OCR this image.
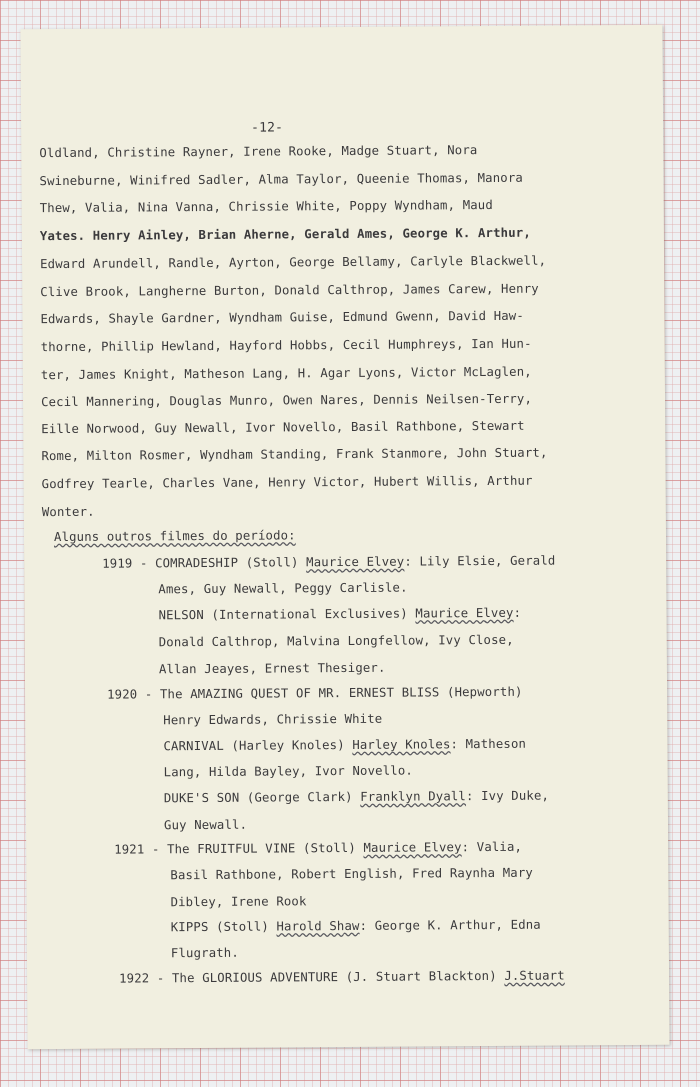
-12-
Oldland, Christine Rayner, Irene Rooke, Madge Stuart, Nora
Swineburne, Winifred Sadler, Alma Taylor, Queenie Thomas, Manora
Thew, Valia, Nina Vanna, Chrissie White, Poppy Wyndham, Maud
Yates. Henry Ainley, Brian Aherne, Gerald Ames, George K. Arthur,
Edward Arundell, Randle, Ayrton, George Bellamy, Carlyle Blackwell,
Clive Brook, Langherne Burton, Donald Calthrop, James Carew, Henry
Edwards, Shayle Gardner, Wyndham Guise, Edmund Gwenn, David Haw-
thorne, Phillip Hewland, Hayford Hobbs, Cecil Humphreys, Ian Hun-
ter, James Knight, Matheson Lang, H. Agar Lyons, Victor McLaglen,
Cecil Mannering, Douglas Munro, Owen Nares, Dennis Neilsen-Terry,
Eille Norwood, Guy Newall, Ivor Novello, Basil Rathbone, Stewart
Rome, Milton Rosmer, Wyndham Standing, Frank Stanmore, John Stuart,
Godfrey Tearle, Charles Vane, Henry Victor, Hubert Willis, Arthur
Wonter.
Alguns outros filmes do período:
1919 - COMRADESHIP (Stoll) Maurice Elvey: Lily Elsie, Gerald
Ames, Guy Newall, Peggy Carlisle.
NELSON (International Exclusives) Maurice Elvey:
Donald Calthrop, Malvina Longfellow, Ivy Close,
Allan Jeayes, Ernest Thesiger.
1920 - The AMAZING QUEST OF MR. ERNEST BLISS (Hepworth)
Henry Edwards, Chrissie White
CARNIVAL (Harley Knoles) Harley Knoles: Matheson
Lang, Hilda Bayley, Ivor Novello.
DUKE'S SON (George Clark) Franklyn Dyall: Ivy Duke,
Guy Newall.
1921 - The FRUITFUL VINE (Stoll) Maurice Elvey: Valia,
Basil Rathbone, Robert English, Fred Raynha Mary
Dibley, Irene Rook
KIPPS (Stoll) Harold Shaw: George K. Arthur, Edna
Flugrath.
1922 - The GLORIOUS ADVENTURE (J. Stuart Blackton) J.Stuart
